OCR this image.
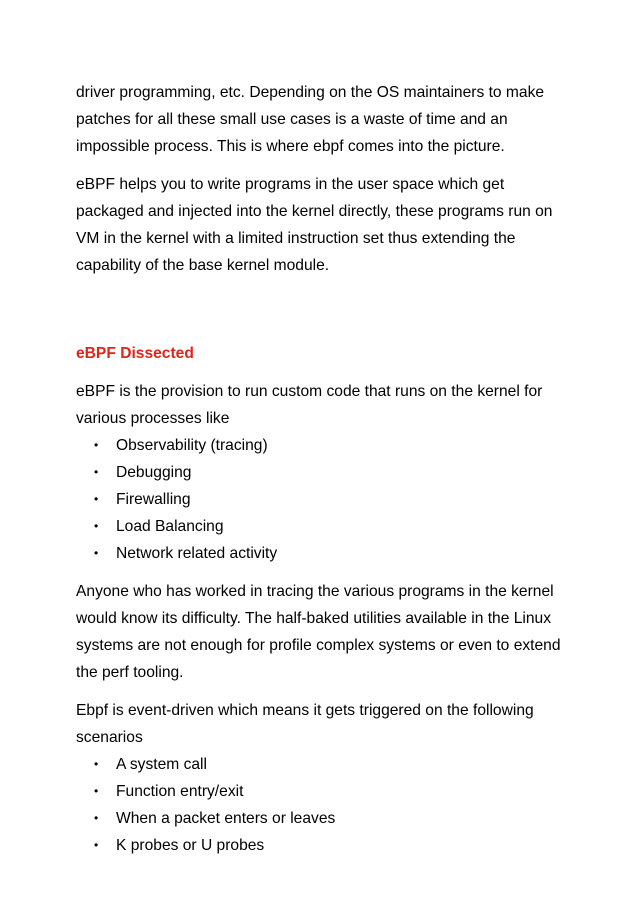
driver programming, etc. Depending on the OS maintainers to make patches for all these small use cases is a waste of time and an impossible process. This is where ebpf comes into the picture.

eBPF helps you to write programs in the user space which get packaged and injected into the kernel directly, these programs run on VM in the kernel with a limited instruction set thus extending the capability of the base kernel module.

eBPF Dissected

eBPF is the provision to run custom code that runs on the kernel for various processes like

• Observability (tracing)
• Debugging
• Firewalling
• Load Balancing
• Network related activity

Anyone who has worked in tracing the various programs in the kernel would know its difficulty. The half-baked utilities available in the Linux systems are not enough for profile complex systems or even to extend the perf tooling.

Ebpf is event-driven which means it gets triggered on the following scenarios

• A system call
• Function entry/exit
• When a packet enters or leaves
• K probes or U probes
